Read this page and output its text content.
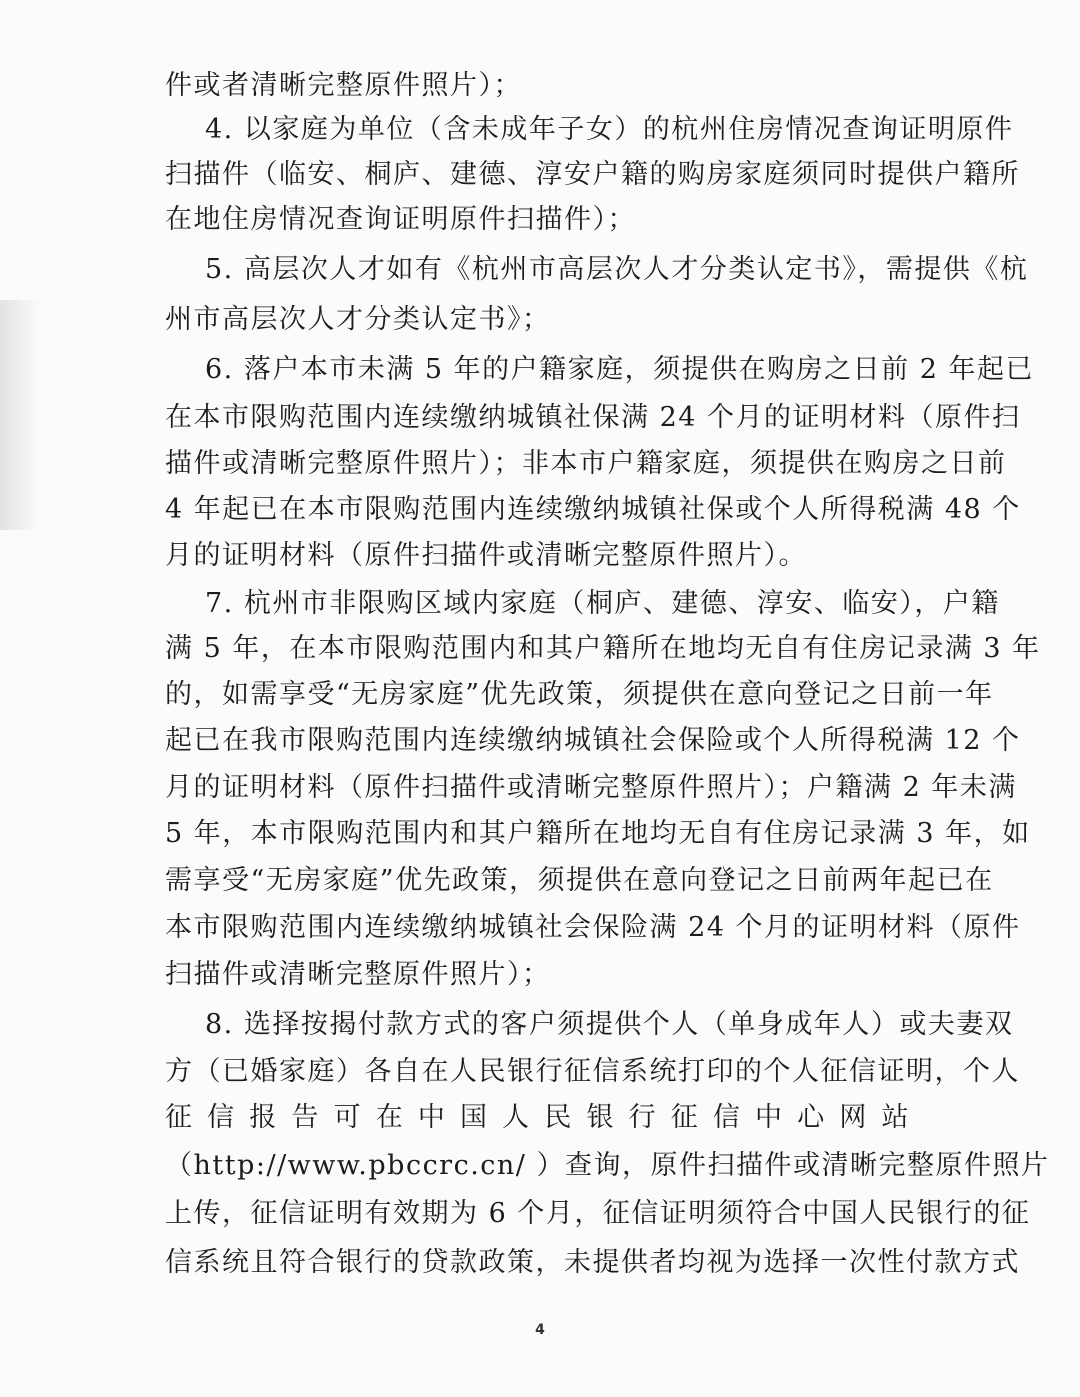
件或者清晰完整原件照片）；
4. 以家庭为单位（含未成年子女）的杭州住房情况查询证明原件
扫描件（临安、桐庐、建德、淳安户籍的购房家庭须同时提供户籍所
在地住房情况查询证明原件扫描件）；
5. 高层次人才如有《杭州市高层次人才分类认定书》，需提供《杭
州市高层次人才分类认定书》；
6. 落户本市未满 5 年的户籍家庭，须提供在购房之日前 2 年起已
在本市限购范围内连续缴纳城镇社保满 24 个月的证明材料（原件扫
描件或清晰完整原件照片）；非本市户籍家庭，须提供在购房之日前
4 年起已在本市限购范围内连续缴纳城镇社保或个人所得税满 48 个
月的证明材料（原件扫描件或清晰完整原件照片）。
7. 杭州市非限购区域内家庭（桐庐、建德、淳安、临安），户籍
满 5 年，在本市限购范围内和其户籍所在地均无自有住房记录满 3 年
的，如需享受“无房家庭”优先政策，须提供在意向登记之日前一年
起已在我市限购范围内连续缴纳城镇社会保险或个人所得税满 12 个
月的证明材料（原件扫描件或清晰完整原件照片）；户籍满 2 年未满
5 年，本市限购范围内和其户籍所在地均无自有住房记录满 3 年，如
需享受“无房家庭”优先政策，须提供在意向登记之日前两年起已在
本市限购范围内连续缴纳城镇社会保险满 24 个月的证明材料（原件
扫描件或清晰完整原件照片）；
8. 选择按揭付款方式的客户须提供个人（单身成年人）或夫妻双
方（已婚家庭）各自在人民银行征信系统打印的个人征信证明，个人
征信报告可在中国人民银行征信中心网站
（http://www.pbccrc.cn/ ）查询，原件扫描件或清晰完整原件照片
上传，征信证明有效期为 6 个月，征信证明须符合中国人民银行的征
信系统且符合银行的贷款政策，未提供者均视为选择一次性付款方式
4
